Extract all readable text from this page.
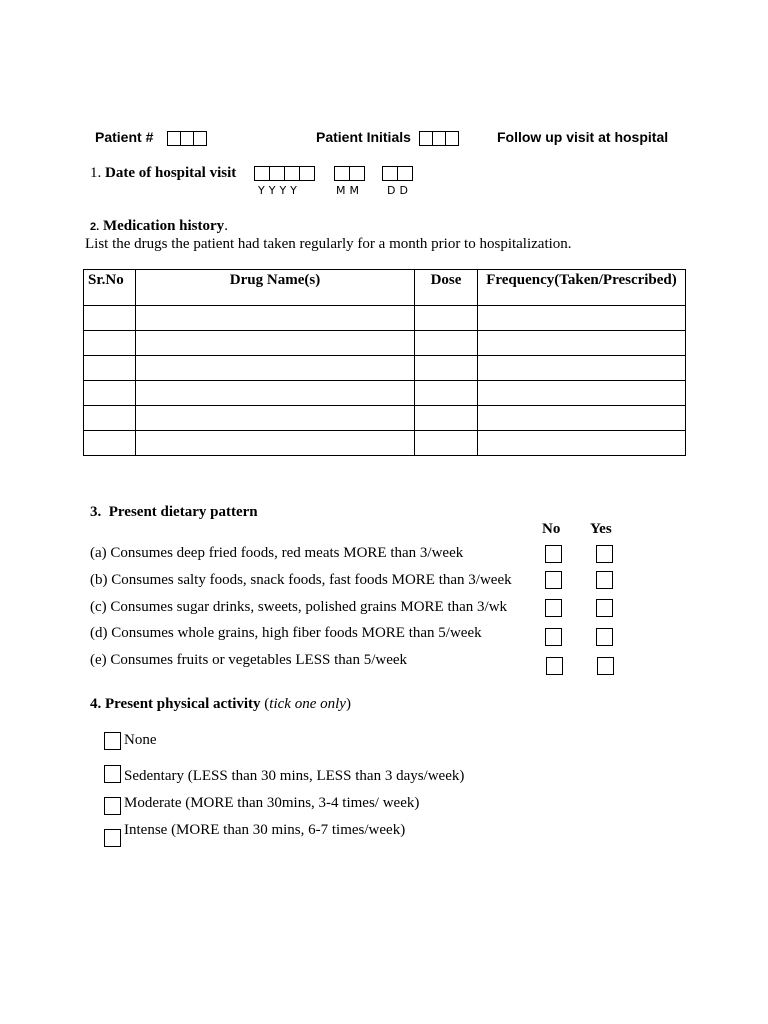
Patient #	Patient Initials	Follow up visit at hospital
1. Date of hospital visit
YYYY	MM DD
2. Medication history.
List the drugs the patient had taken regularly for a month prior to hospitalization.
Sr.No	Drug Name(s)	Dose	Frequency(Taken/Prescribed)

3. Present dietary pattern
No Yes
(a) Consumes deep fried foods, red meats MORE than 3/week
(b) Consumes salty foods, snack foods, fast foods MORE than 3/week
(c) Consumes sugar drinks, sweets, polished grains MORE than 3/wk
(d) Consumes whole grains, high fiber foods MORE than 5/week
(e) Consumes fruits or vegetables LESS than 5/week
4. Present physical activity (tick one only)
None
Sedentary (LESS than 30 mins, LESS than 3 days/week)
Moderate (MORE than 30mins, 3-4 times/ week)
Intense (MORE than 30 mins, 6-7 times/week)
